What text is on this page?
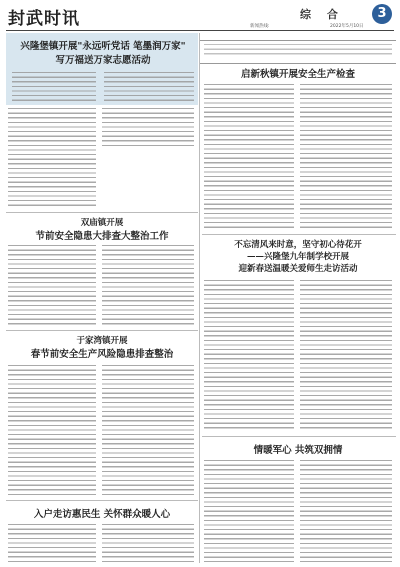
封武时讯	新闻热线:	2022年5月10日
综 合	3
兴隆堡镇开展"永远听党话 笔墨润万家"
写万福送万家志愿活动
双庙镇开展
节前安全隐患大排查大整治工作
于家湾镇开展
春节前安全生产风险隐患排查整治
入户走访惠民生 关怀群众暖人心
启新秋镇开展安全生产检查
不忘清风来时意，坚守初心待花开
——兴隆堡九年制学校开展
迎新春送温暖关爱师生走访活动
情暖军心 共筑双拥情
